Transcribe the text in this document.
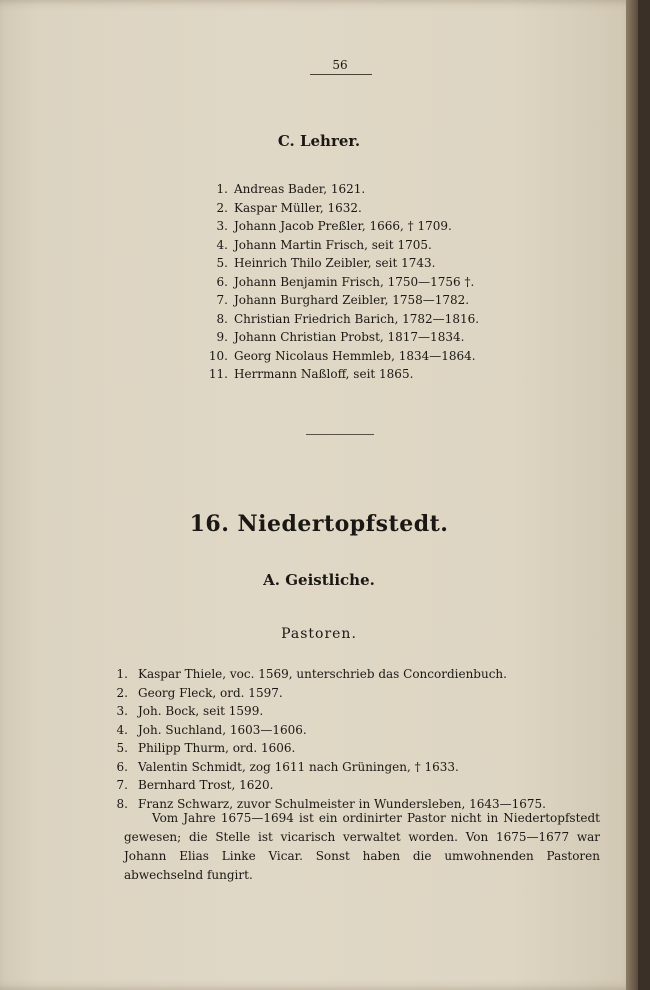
56
C. Lehrer.
1. Andreas Bader, 1621.
2. Kaspar Müller, 1632.
3. Johann Jacob Preßler, 1666, † 1709.
4. Johann Martin Frisch, seit 1705.
5. Heinrich Thilo Zeibler, seit 1743.
6. Johann Benjamin Frisch, 1750—1756 †.
7. Johann Burghard Zeibler, 1758—1782.
8. Christian Friedrich Barich, 1782—1816.
9. Johann Christian Probst, 1817—1834.
10. Georg Nicolaus Hemmleb, 1834—1864.
11. Herrmann Naßloff, seit 1865.
16. Niedertopfstedt.
A. Geistliche.
Pastoren.
1. Kaspar Thiele, voc. 1569, unterschrieb das Concordienbuch.
2. Georg Fleck, ord. 1597.
3. Joh. Bock, seit 1599.
4. Joh. Suchland, 1603—1606.
5. Philipp Thurm, ord. 1606.
6. Valentin Schmidt, zog 1611 nach Grüningen, † 1633.
7. Bernhard Trost, 1620.
8. Franz Schwarz, zuvor Schulmeister in Wundersleben, 1643—1675.

Vom Jahre 1675—1694 ist ein ordinirter Pastor nicht in Niedertopfstedt gewesen; die Stelle ist vicarisch verwaltet worden. Von 1675—1677 war Johann Elias Linke Vicar. Sonst haben die umwohnenden Pastoren abwechselnd fungirt.
